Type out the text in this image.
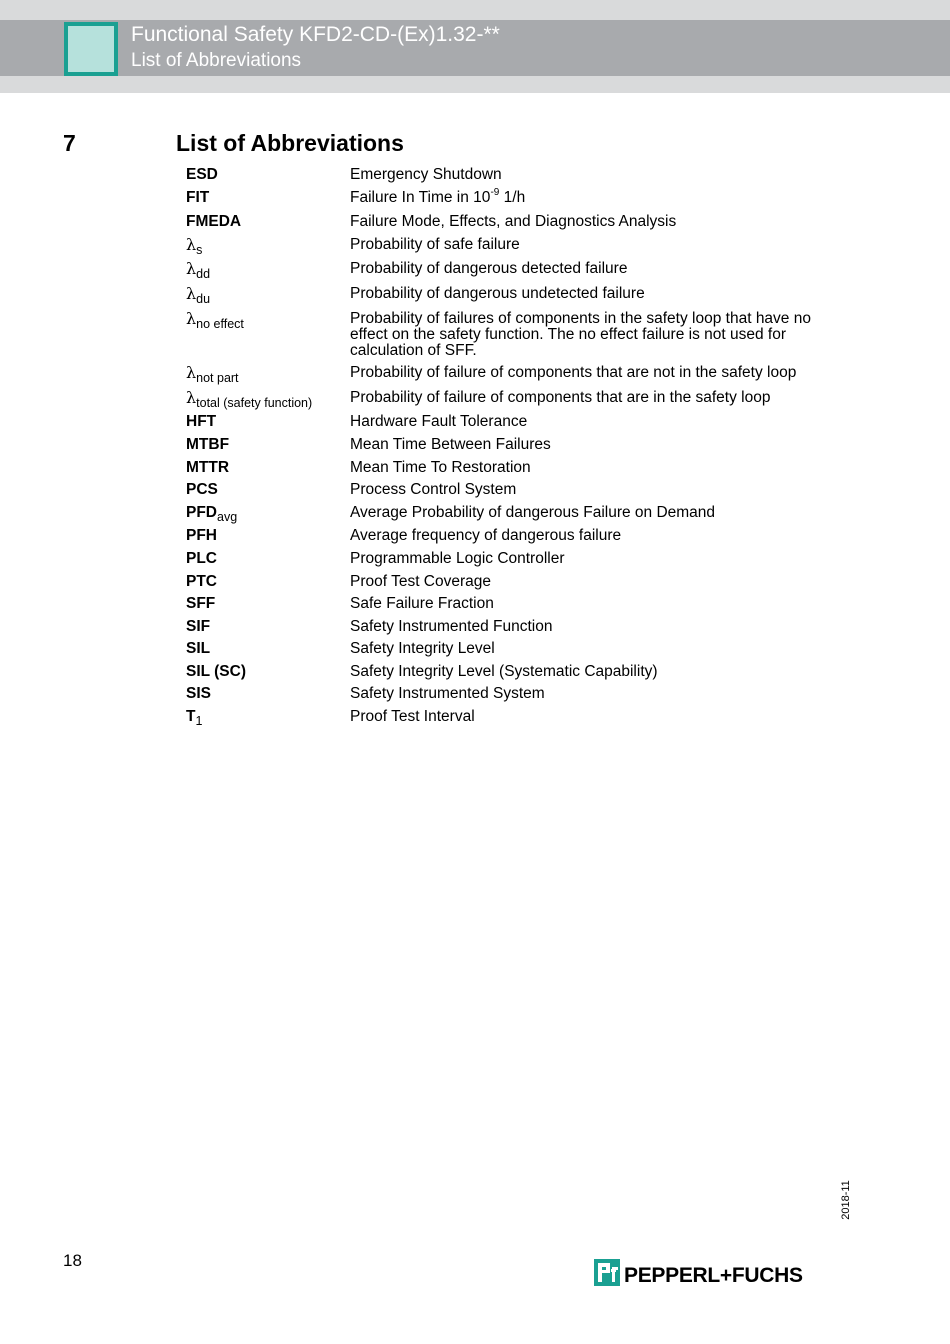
Functional Safety KFD2-CD-(Ex)1.32-**
List of Abbreviations
7	List of Abbreviations
ESD	Emergency Shutdown
FIT	Failure In Time in $10^{-9}$ 1/h
FMEDA	Failure Mode, Effects, and Diagnostics Analysis
$\lambda_s$	Probability of safe failure
$\lambda_{dd}$	Probability of dangerous detected failure
$\lambda_{du}$	Probability of dangerous undetected failure
$\lambda_{no effect}$	Probability of failures of components in the safety loop that have no effect on the safety function. The no effect failure is not used for calculation of SFF.
$\lambda_{not part}$	Probability of failure of components that are not in the safety loop
$\lambda_{total (safety function)}$	Probability of failure of components that are in the safety loop
HFT	Hardware Fault Tolerance
MTBF	Mean Time Between Failures
MTTR	Mean Time To Restoration
PCS	Process Control System
$PFD_{avg}$	Average Probability of dangerous Failure on Demand
PFH	Average frequency of dangerous failure
PLC	Programmable Logic Controller
PTC	Proof Test Coverage
SFF	Safe Failure Fraction
SIF	Safety Instrumented Function
SIL	Safety Integrity Level
SIL (SC)	Safety Integrity Level (Systematic Capability)
SIS	Safety Instrumented System
$T_1$	Proof Test Interval
2018-11
18
PEPPERL+FUCHS
